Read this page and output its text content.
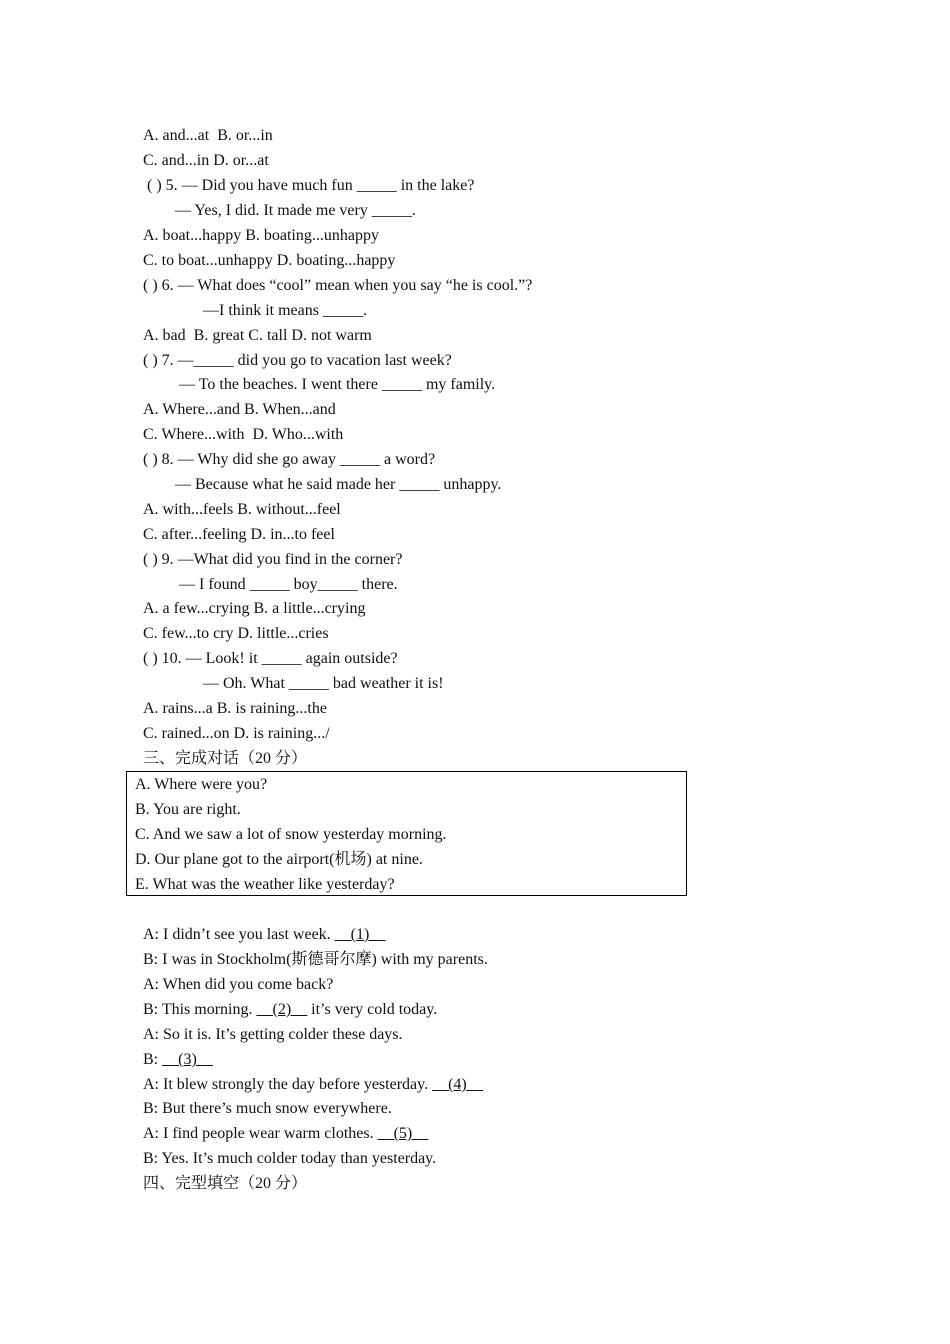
A. and...at  B. or...in
C. and...in D. or...at
( ) 5. — Did you have much fun _____ in the lake?
— Yes, I did. It made me very _____.
A. boat...happy B. boating...unhappy
C. to boat...unhappy D. boating...happy
( ) 6. — What does “cool” mean when you say “he is cool.”?
—I think it means _____.
A. bad  B. great C. tall D. not warm
( ) 7. —_____ did you go to vacation last week?
— To the beaches. I went there _____ my family.
A. Where...and B. When...and
C. Where...with  D. Who...with
( ) 8. — Why did she go away _____ a word?
— Because what he said made her _____ unhappy.
A. with...feels B. without...feel
C. after...feeling D. in...to feel
( ) 9. —What did you find in the corner?
— I found _____ boy_____ there.
A. a few...crying B. a little...crying
C. few...to cry D. little...cries
( ) 10. — Look! it _____ again outside?
— Oh. What _____ bad weather it is!
A. rains...a B. is raining...the
C. rained...on D. is raining.../
三、完成对话（20 分）
A. Where were you?
B. You are right.
C. And we saw a lot of snow yesterday morning.
D. Our plane got to the airport(机场) at nine.
E. What was the weather like yesterday?
A: I didn’t see you last week. __(1)__
B: I was in Stockholm(斯德哥尔摩) with my parents.
A: When did you come back?
B: This morning. __(2)__ it’s very cold today.
A: So it is. It’s getting colder these days.
B: __(3)__
A: It blew strongly the day before yesterday. __(4)__
B: But there’s much snow everywhere.
A: I find people wear warm clothes. __(5)__
B: Yes. It’s much colder today than yesterday.
四、完型填空（20 分）
